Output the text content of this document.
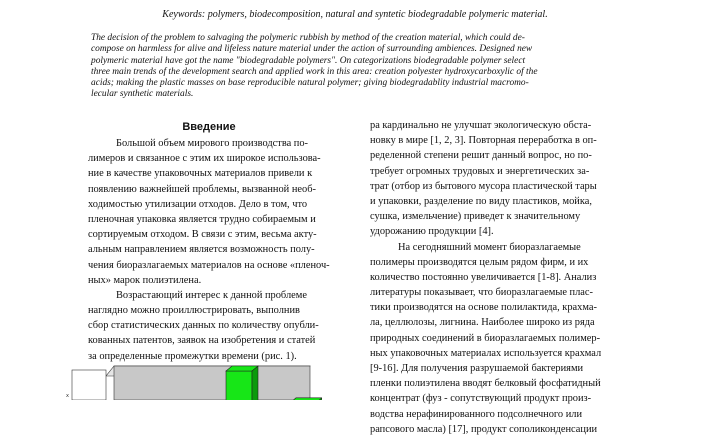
Keywords: polymers, biodecomposition, natural and syntetic biodegradable polymeric material.
The decision of the problem to salvaging the polymeric rubbish by method of the creation material, which could de-
compose on harmless for alive and lifeless nature material under the action of surrounding ambiences. Designed new
polymeric material have got the name "biodegradable polymers". On categorizations biodegradable polymer select
three main trends of the development search and applied work in this area: creation polyester hydroxycarboxylic of the
acids; making the plastic masses on base reproducible natural polymer; giving biodegradablity industrial macromo-
lecular synthetic materials.
Введение
Большой объем мирового производства по-
лимеров и связанное с этим их широкое использова-
ние в качестве упаковочных материалов привели к
появлению важнейшей проблемы, вызванной необ-
ходимостью утилизации отходов. Дело в том, что
пленочная упаковка является трудно собираемым и
сортируемым отходом. В связи с этим, весьма акту-
альным направлением является возможность полу-
чения биоразлагаемых материалов на основе «пленоч-
ных» марок полиэтилена.
Возрастающий интерес к данной проблеме
наглядно можно проиллюстрировать, выполнив
сбор статистических данных по количеству опубли-
кованных патентов, заявок на изобретения и статей
за определенные промежутки времени (рис. 1).
ра кардинально не улучшат экологическую обста-
новку в мире [1, 2, 3]. Повторная переработка в оп-
ределенной степени решит данный вопрос, но по-
требует огромных трудовых и энергетических за-
трат (отбор из бытового мусора пластической тары
и упаковки, разделение по виду пластиков, мойка,
сушка, измельчение) приведет к значительному
удорожанию продукции [4].
На сегодняшний момент биоразлагаемые
полимеры производятся целым рядом фирм, и их
количество постоянно увеличивается [1-8]. Анализ
литературы показывает, что биоразлагаемые плас-
тики производятся на основе полилактида, крахма-
ла, целлюлозы, лигнина. Наиболее широко из ряда
природных соединений в биоразлагаемых полимер-
ных упаковочных материалах используется крахмал
[9-16]. Для получения разрушаемой бактериями
пленки полиэтилена вводят белковый фосфатидный
концентрат (фуз - сопутствующий продукт произ-
водства нерафинированного подсолнечного или
рапсового масла) [17], продукт сополиконденсации
x
